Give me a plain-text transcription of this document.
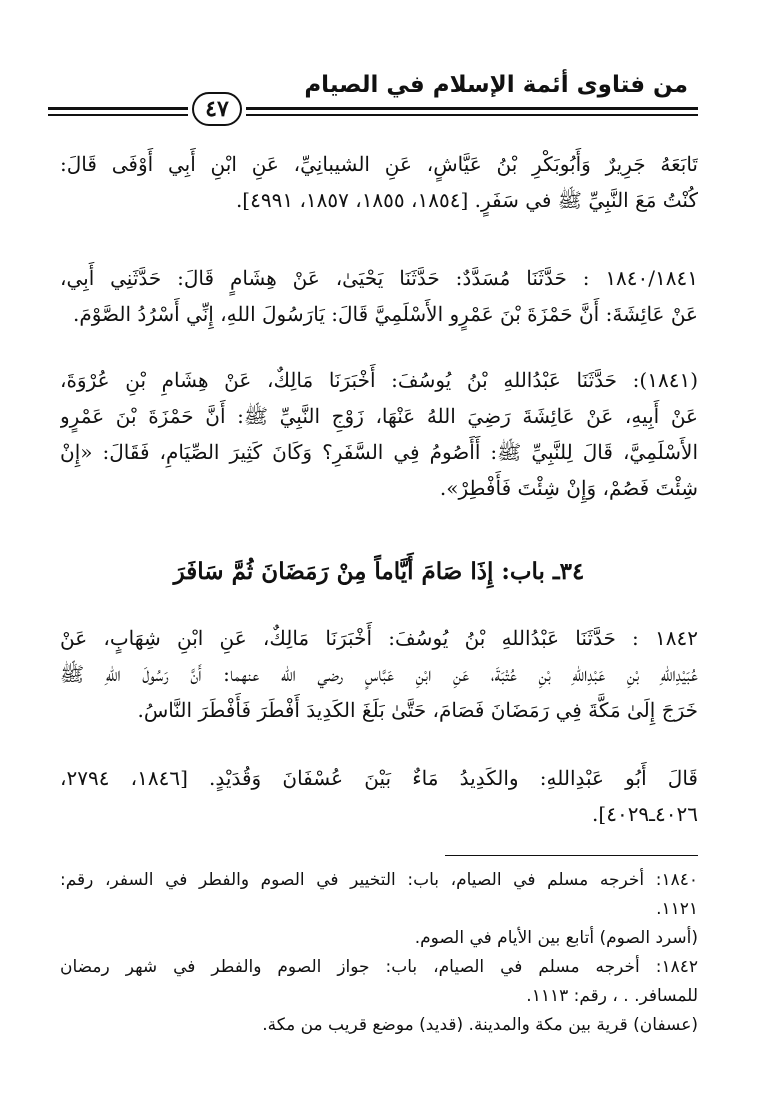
من فتاوى أئمة الإسلام في الصيام
٤٧
تَابَعَهُ جَرِيرٌ وَأَبُوبَكْرِ بْنُ عَيَّاشٍ، عَنِ الشيبانِيِّ، عَنِ ابْنِ أَبِي أَوْفَى قَالَ:
كُنْتُ مَعَ النَّبِيِّ ﷺ في سَفَرٍ. [١٨٥٤، ١٨٥٥، ١٨٥٧، ٤٩٩١].
١٨٤٠/١٨٤١ : حَدَّثَنَا مُسَدَّدٌ: حَدَّثَنَا يَحْيَىٰ، عَنْ هِشَامٍ قَالَ: حَدَّثَنِي أَبِي،
عَنْ عَائِشَةَ: أَنَّ حَمْزَةَ بْنَ عَمْرٍو الأَسْلَمِيَّ قَالَ: يَارَسُولَ اللهِ، إِنِّي أَسْرُدُ الصَّوْمَ.
(١٨٤١): حَدَّثَنَا عَبْدُاللهِ بْنُ يُوسُفَ: أَخْبَرَنَا مَالِكٌ، عَنْ هِشَامِ بْنِ عُرْوَةَ،
عَنْ أَبِيهِ، عَنْ عَائِشَةَ رَضِيَ اللهُ عَنْهَا، زَوْجِ النَّبِيِّ ﷺ: أَنَّ حَمْزَةَ بْنَ عَمْرٍو
الأَسْلَمِيَّ، قَالَ لِلنَّبِيِّ ﷺ: أَأَصُومُ فِي السَّفَرِ؟ وَكَانَ كَثِيرَ الصِّيَامِ، فَقَالَ: «إِنْ
شِئْتَ فَصُمْ، وَإِنْ شِئْتَ فَأَفْطِرْ».
٣٤ـ باب: إِذَا صَامَ أَيَّاماً مِنْ رَمَضَانَ ثُمَّ سَافَرَ
١٨٤٢ : حَدَّثَنَا عَبْدُاللهِ بْنُ يُوسُفَ: أَخْبَرَنَا مَالِكٌ، عَنِ ابْنِ شِهَابٍ، عَنْ
عُبَيْدِاللهِ بْنِ عَبْدِاللهِ بْنِ عُتْبَةَ، عَنِ ابْنِ عَبَّاسٍ رضي الله عنهما: أَنَّ رَسُولَ اللهِ ﷺ
خَرَجَ إِلَىٰ مَكَّةَ فِي رَمَضَانَ فَصَامَ، حَتَّىٰ بَلَغَ الكَدِيدَ أَفْطَرَ فَأَفْطَرَ النَّاسُ.
قَالَ أَبُو عَبْدِاللهِ: والكَدِيدُ مَاءٌ بَيْنَ عُسْفَانَ وَقُدَيْدٍ. [١٨٤٦، ٢٧٩٤،
٤٠٢٦ـ٤٠٢٩].
١٨٤٠: أخرجه مسلم في الصيام، باب: التخيير في الصوم والفطر في السفر، رقم:
١١٢١.
(أسرد الصوم) أتابع بين الأيام في الصوم.
١٨٤٢: أخرجه مسلم في الصيام، باب: جواز الصوم والفطر في شهر رمضان
للمسافر. . ، رقم: ١١١٣.
(عسفان) قرية بين مكة والمدينة. (قديد) موضع قريب من مكة.
